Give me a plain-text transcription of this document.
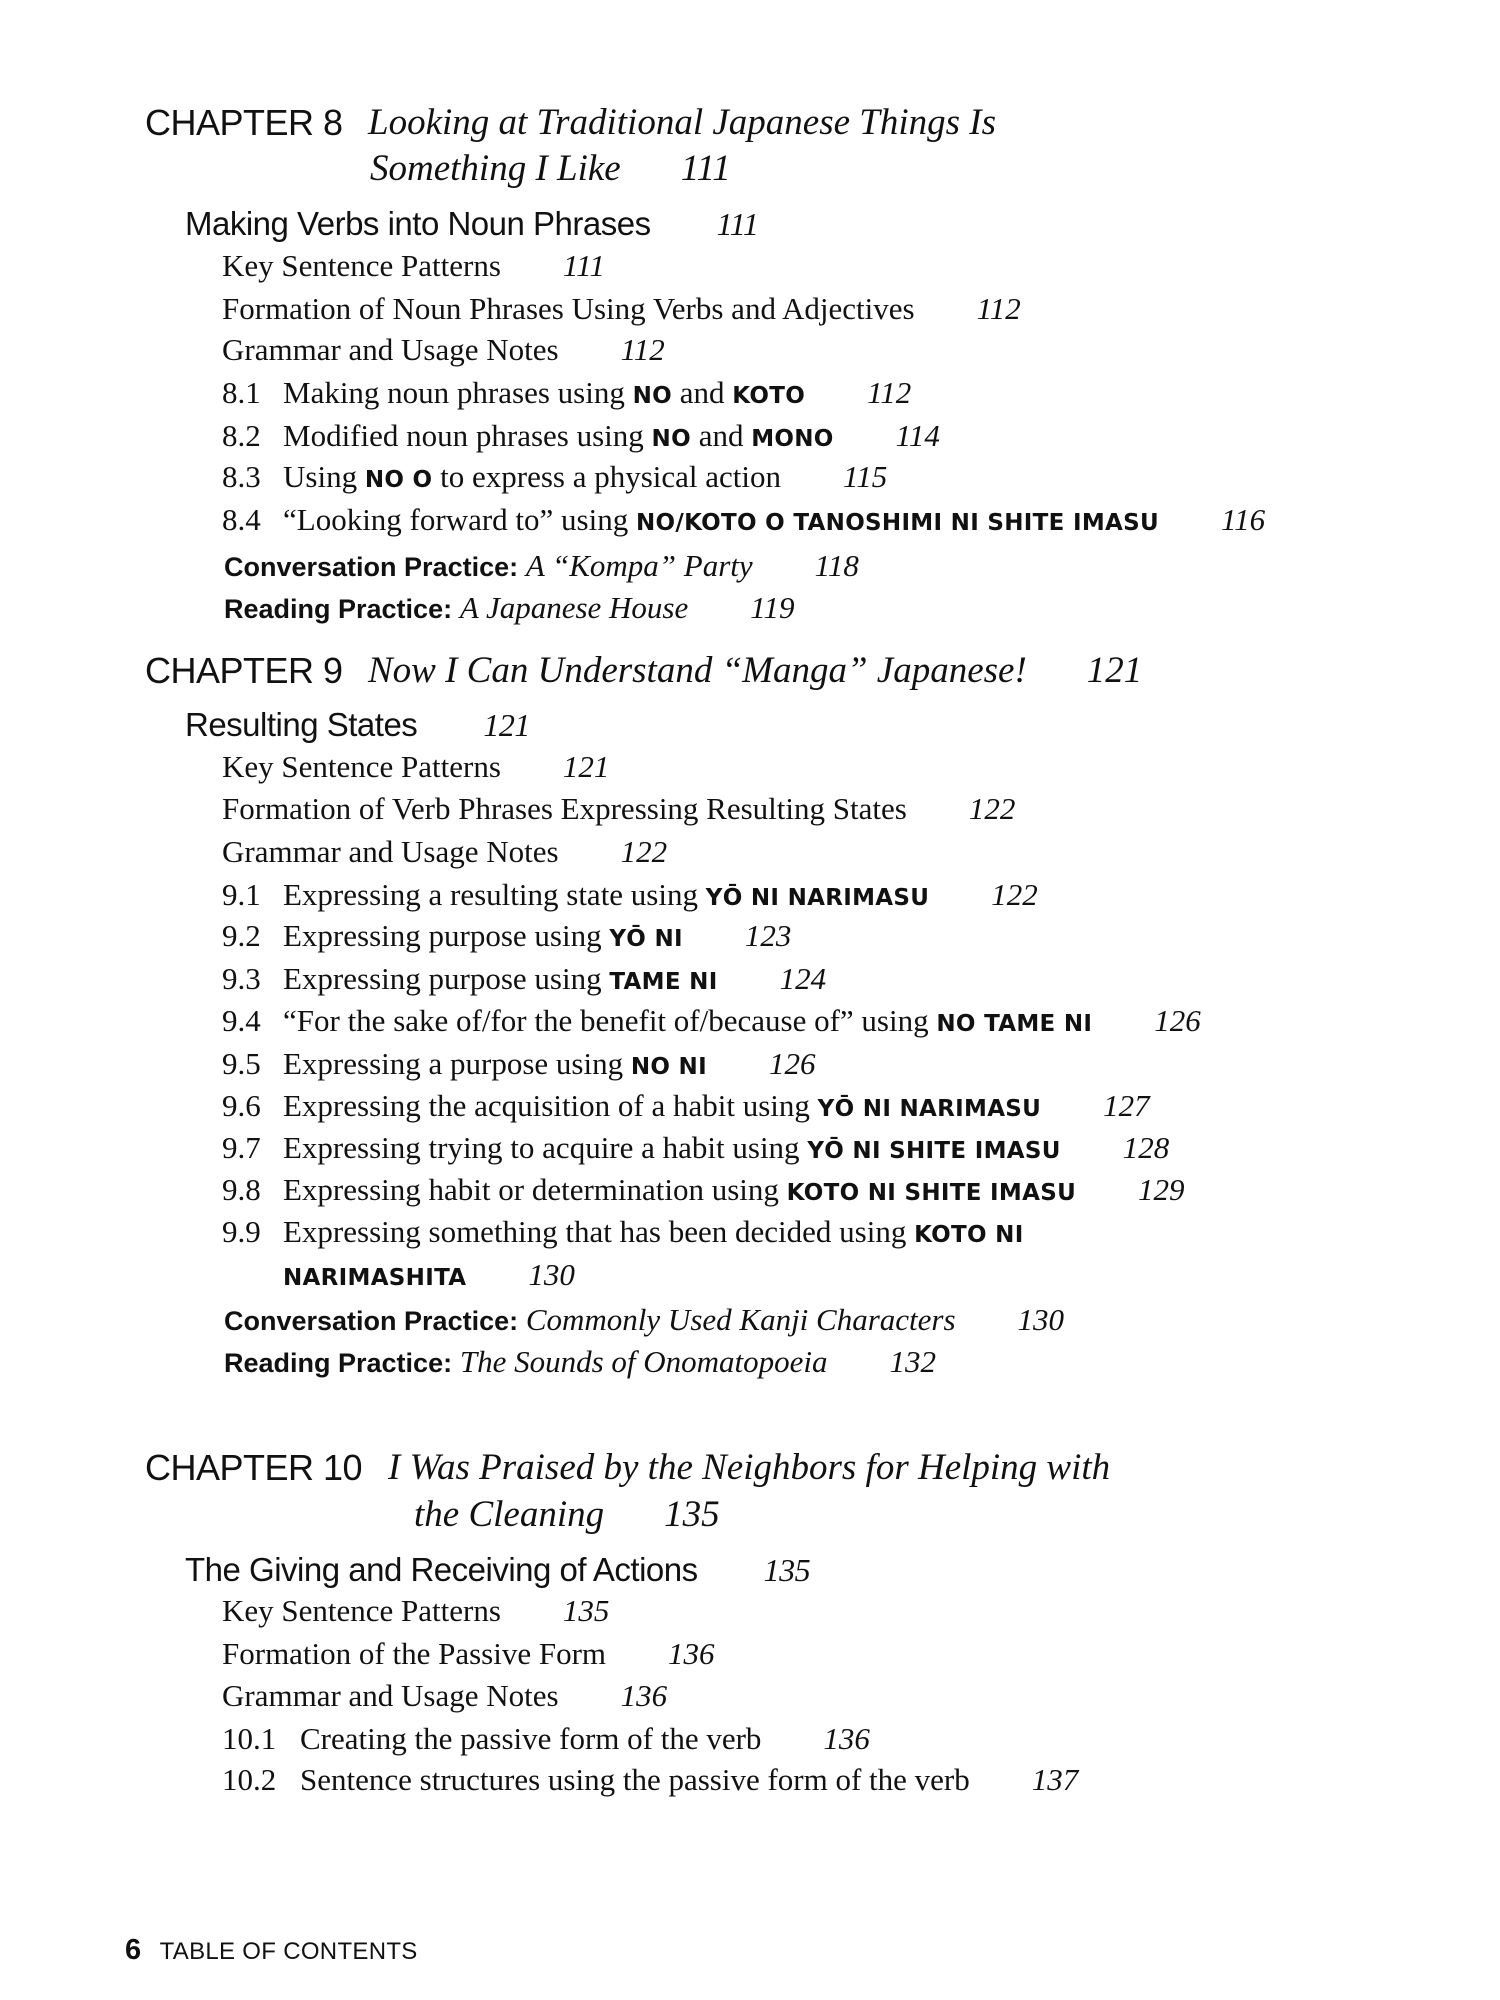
CHAPTER 8 Looking at Traditional Japanese Things Is
Something I Like 111
Making Verbs into Noun Phrases 111
Key Sentence Patterns 111
Formation of Noun Phrases Using Verbs and Adjectives 112
Grammar and Usage Notes 112
8.1 Making noun phrases using NO and KOTO 112
8.2 Modified noun phrases using NO and MONO 114
8.3 Using NO O to express a physical action 115
8.4 “Looking forward to” using NO/KOTO O TANOSHIMI NI SHITE IMASU 116
Conversation Practice: A “Kompa” Party 118
Reading Practice: A Japanese House 119
CHAPTER 9 Now I Can Understand “Manga” Japanese! 121
Resulting States 121
Key Sentence Patterns 121
Formation of Verb Phrases Expressing Resulting States 122
Grammar and Usage Notes 122
9.1 Expressing a resulting state using YŌ NI NARIMASU 122
9.2 Expressing purpose using YŌ NI 123
9.3 Expressing purpose using TAME NI 124
9.4 “For the sake of/for the benefit of/because of” using NO TAME NI 126
9.5 Expressing a purpose using NO NI 126
9.6 Expressing the acquisition of a habit using YŌ NI NARIMASU 127
9.7 Expressing trying to acquire a habit using YŌ NI SHITE IMASU 128
9.8 Expressing habit or determination using KOTO NI SHITE IMASU 129
9.9 Expressing something that has been decided using KOTO NI
NARIMASHITA 130
Conversation Practice: Commonly Used Kanji Characters 130
Reading Practice: The Sounds of Onomatopoeia 132
CHAPTER 10 I Was Praised by the Neighbors for Helping with
the Cleaning 135
The Giving and Receiving of Actions 135
Key Sentence Patterns 135
Formation of the Passive Form 136
Grammar and Usage Notes 136
10.1 Creating the passive form of the verb 136
10.2 Sentence structures using the passive form of the verb 137
6 TABLE OF CONTENTS
